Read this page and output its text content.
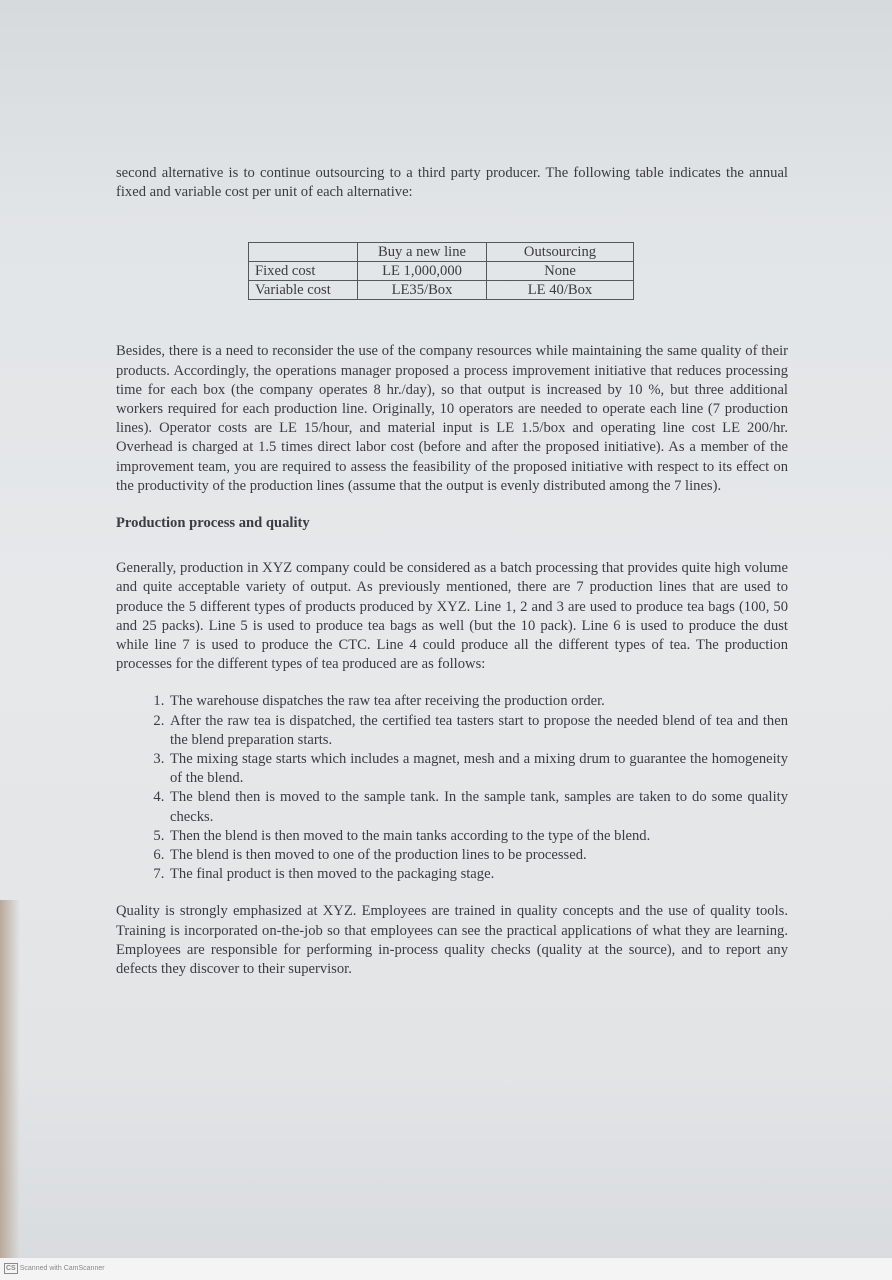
second alternative is to continue outsourcing to a third party producer. The following table indicates the annual fixed and variable cost per unit of each alternative:

	Buy a new line	Outsourcing
Fixed cost	LE 1,000,000	None
Variable cost	LE35/Box	LE 40/Box

Besides, there is a need to reconsider the use of the company resources while maintaining the same quality of their products. Accordingly, the operations manager proposed a process improvement initiative that reduces processing time for each box (the company operates 8 hr./day), so that output is increased by 10 %, but three additional workers required for each production line. Originally, 10 operators are needed to operate each line (7 production lines). Operator costs are LE 15/hour, and material input is LE 1.5/box and operating line cost LE 200/hr. Overhead is charged at 1.5 times direct labor cost (before and after the proposed initiative). As a member of the improvement team, you are required to assess the feasibility of the proposed initiative with respect to its effect on the productivity of the production lines (assume that the output is evenly distributed among the 7 lines).

Production process and quality

Generally, production in XYZ company could be considered as a batch processing that provides quite high volume and quite acceptable variety of output. As previously mentioned, there are 7 production lines that are used to produce the 5 different types of products produced by XYZ. Line 1, 2 and 3 are used to produce tea bags (100, 50 and 25 packs). Line 5 is used to produce tea bags as well (but the 10 pack). Line 6 is used to produce the dust while line 7 is used to produce the CTC. Line 4 could produce all the different types of tea. The production processes for the different types of tea produced are as follows:

1. The warehouse dispatches the raw tea after receiving the production order.
2. After the raw tea is dispatched, the certified tea tasters start to propose the needed blend of tea and then the blend preparation starts.
3. The mixing stage starts which includes a magnet, mesh and a mixing drum to guarantee the homogeneity of the blend.
4. The blend then is moved to the sample tank. In the sample tank, samples are taken to do some quality checks.
5. Then the blend is then moved to the main tanks according to the type of the blend.
6. The blend is then moved to one of the production lines to be processed.
7. The final product is then moved to the packaging stage.

Quality is strongly emphasized at XYZ. Employees are trained in quality concepts and the use of quality tools. Training is incorporated on-the-job so that employees can see the practical applications of what they are learning. Employees are responsible for performing in-process quality checks (quality at the source), and to report any defects they discover to their supervisor.

CS Scanned with CamScanner
